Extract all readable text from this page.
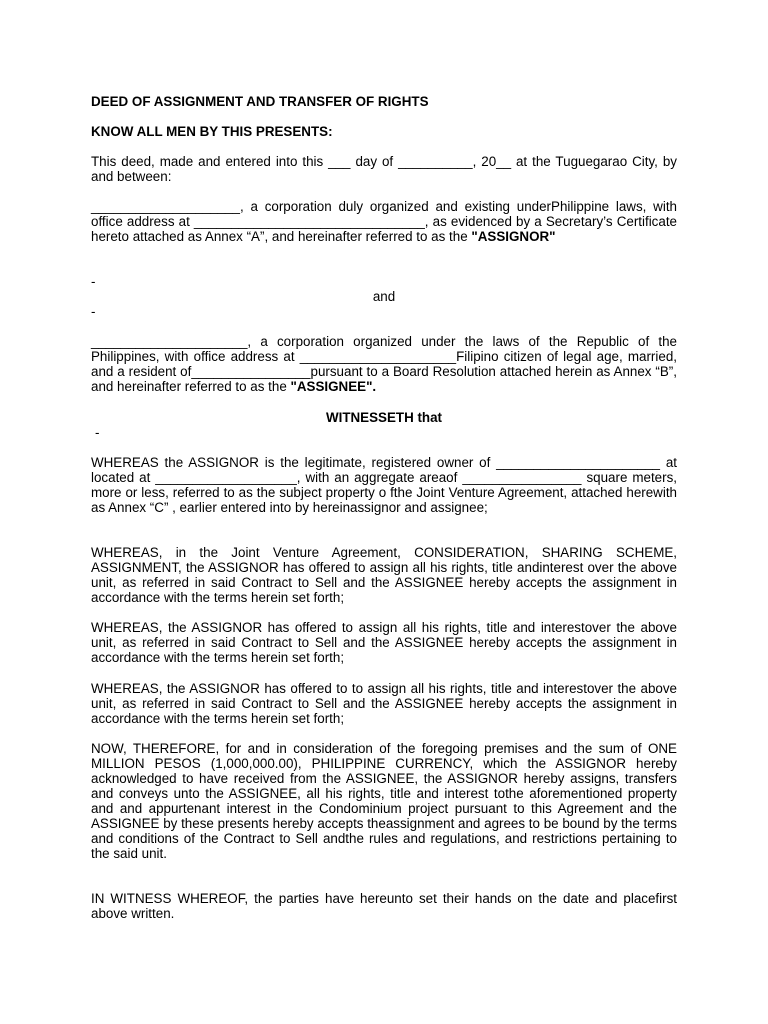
DEED OF ASSIGNMENT AND TRANSFER OF RIGHTS
KNOW ALL MEN BY THIS PRESENTS:

This deed, made and entered into this ___ day of __________, 20__ at the Tuguegarao City, by and between:

____________________, a corporation duly organized and existing underPhilippine laws, with office address at _______________________________, as evidenced by a Secretary’s Certificate hereto attached as Annex “A”, and hereinafter referred to as the "ASSIGNOR"

-
and
-

_____________________, a corporation organized under the laws of the Republic of the Philippines, with office address at _____________________Filipino citizen of legal age, married, and a resident of________________pursuant to a Board Resolution attached herein as Annex “B”, and hereinafter referred to as the "ASSIGNEE".

WITNESSETH that
-

WHEREAS the ASSIGNOR is the legitimate, registered owner of ______________________ at located at ___________________, with an aggregate areaof ________________ square meters, more or less, referred to as the subject property o fthe Joint Venture Agreement, attached herewith as Annex “C” , earlier entered into by hereinassignor and assignee;

WHEREAS, in the Joint Venture Agreement, CONSIDERATION, SHARING SCHEME, ASSIGNMENT, the ASSIGNOR has offered to assign all his rights, title andinterest over the above unit, as referred in said Contract to Sell and the ASSIGNEE hereby accepts the assignment in accordance with the terms herein set forth;

WHEREAS, the ASSIGNOR has offered to assign all his rights, title and interestover the above unit, as referred in said Contract to Sell and the ASSIGNEE hereby accepts the assignment in accordance with the terms herein set forth;

WHEREAS, the ASSIGNOR has offered to to assign all his rights, title and interestover the above unit, as referred in said Contract to Sell and the ASSIGNEE hereby accepts the assignment in accordance with the terms herein set forth;

NOW, THEREFORE, for and in consideration of the foregoing premises and the sum of ONE MILLION PESOS (1,000,000.00), PHILIPPINE CURRENCY, which the ASSIGNOR hereby acknowledged to have received from the ASSIGNEE, the ASSIGNOR hereby assigns, transfers and conveys unto the ASSIGNEE, all his rights, title and interest tothe aforementioned property and and appurtenant interest in the Condominium project pursuant to this Agreement and the ASSIGNEE by these presents hereby accepts theassignment and agrees to be bound by the terms and conditions of the Contract to Sell andthe rules and regulations, and restrictions pertaining to the said unit.

IN WITNESS WHEREOF, the parties have hereunto set their hands on the date and placefirst above written.
